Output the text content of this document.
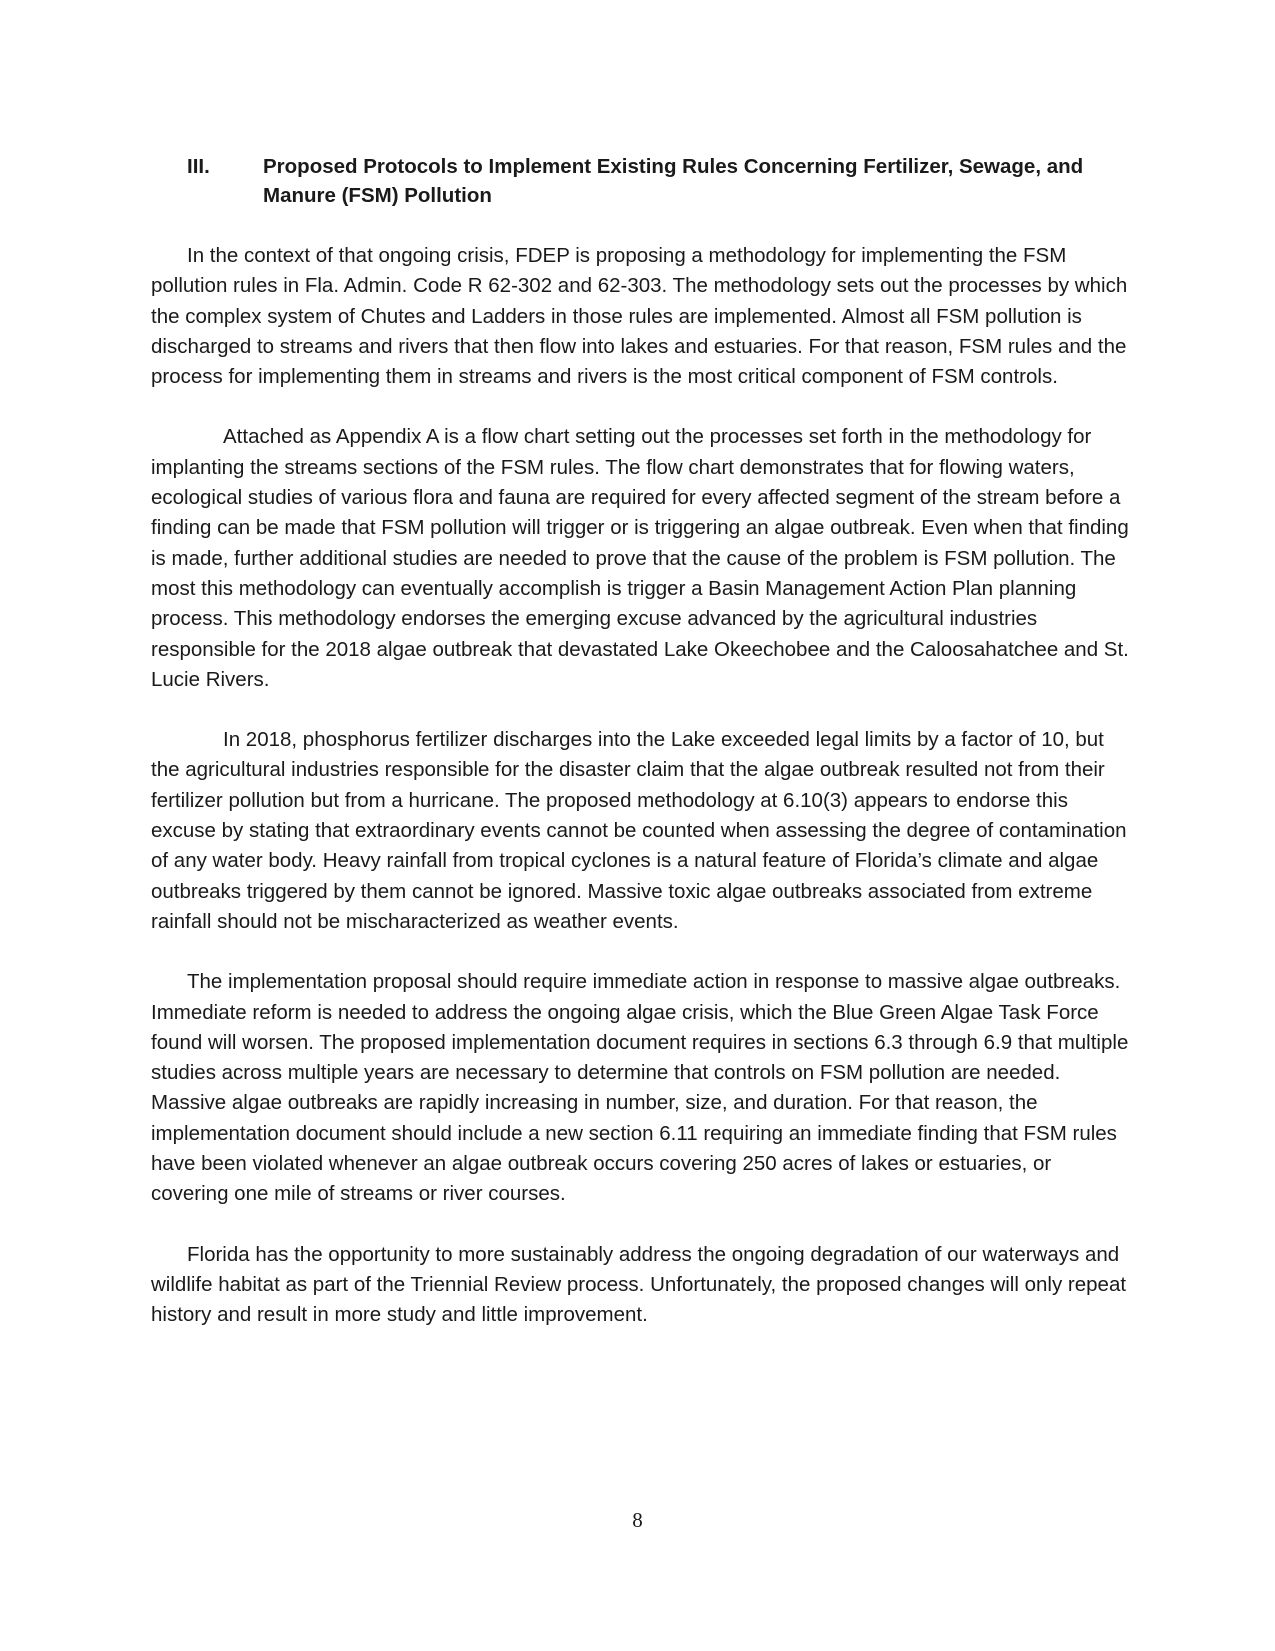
III.	Proposed Protocols to Implement Existing Rules Concerning Fertilizer, Sewage, and Manure (FSM) Pollution

In the context of that ongoing crisis, FDEP is proposing a methodology for implementing the FSM pollution rules in Fla. Admin. Code R 62-302 and 62-303. The methodology sets out the processes by which the complex system of Chutes and Ladders in those rules are implemented. Almost all FSM pollution is discharged to streams and rivers that then flow into lakes and estuaries. For that reason, FSM rules and the process for implementing them in streams and rivers is the most critical component of FSM controls.

Attached as Appendix A is a flow chart setting out the processes set forth in the methodology for implanting the streams sections of the FSM rules. The flow chart demonstrates that for flowing waters, ecological studies of various flora and fauna are required for every affected segment of the stream before a finding can be made that FSM pollution will trigger or is triggering an algae outbreak. Even when that finding is made, further additional studies are needed to prove that the cause of the problem is FSM pollution. The most this methodology can eventually accomplish is trigger a Basin Management Action Plan planning process. This methodology endorses the emerging excuse advanced by the agricultural industries responsible for the 2018 algae outbreak that devastated Lake Okeechobee and the Caloosahatchee and St. Lucie Rivers.

In 2018, phosphorus fertilizer discharges into the Lake exceeded legal limits by a factor of 10, but the agricultural industries responsible for the disaster claim that the algae outbreak resulted not from their fertilizer pollution but from a hurricane. The proposed methodology at 6.10(3) appears to endorse this excuse by stating that extraordinary events cannot be counted when assessing the degree of contamination of any water body. Heavy rainfall from tropical cyclones is a natural feature of Florida’s climate and algae outbreaks triggered by them cannot be ignored. Massive toxic algae outbreaks associated from extreme rainfall should not be mischaracterized as weather events.

The implementation proposal should require immediate action in response to massive algae outbreaks. Immediate reform is needed to address the ongoing algae crisis, which the Blue Green Algae Task Force found will worsen. The proposed implementation document requires in sections 6.3 through 6.9 that multiple studies across multiple years are necessary to determine that controls on FSM pollution are needed. Massive algae outbreaks are rapidly increasing in number, size, and duration. For that reason, the implementation document should include a new section 6.11 requiring an immediate finding that FSM rules have been violated whenever an algae outbreak occurs covering 250 acres of lakes or estuaries, or covering one mile of streams or river courses.

Florida has the opportunity to more sustainably address the ongoing degradation of our waterways and wildlife habitat as part of the Triennial Review process. Unfortunately, the proposed changes will only repeat history and result in more study and little improvement.

8
